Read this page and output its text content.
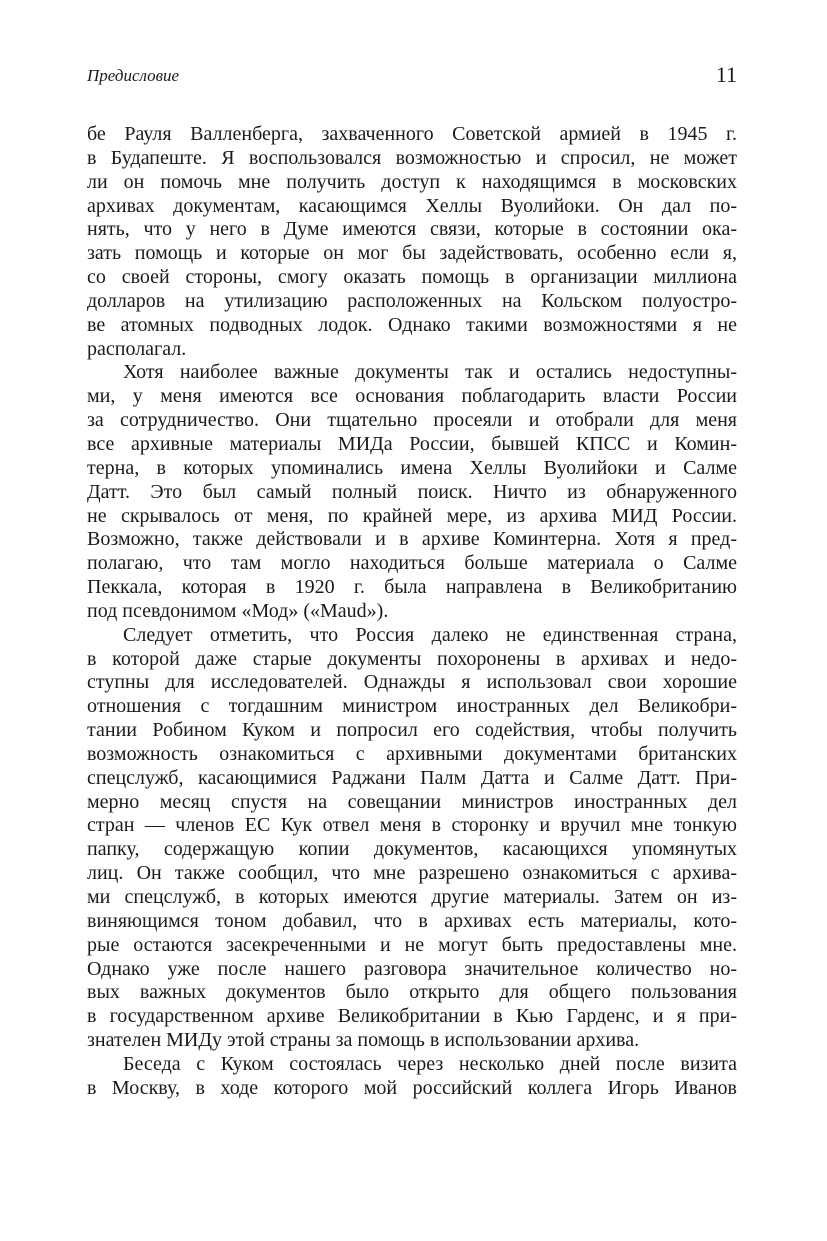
Предисловие	11
бе Рауля Валленберга, захваченного Советской армией в 1945 г.
в Будапеште. Я воспользовался возможностью и спросил, не может
ли он помочь мне получить доступ к находящимся в московских
архивах документам, касающимся Хеллы Вуолийоки. Он дал по-
нять, что у него в Думе имеются связи, которые в состоянии ока-
зать помощь и которые он мог бы задействовать, особенно если я,
со своей стороны, смогу оказать помощь в организации миллиона
долларов на утилизацию расположенных на Кольском полуостро-
ве атомных подводных лодок. Однако такими возможностями я не
располагал.
Хотя наиболее важные документы так и остались недоступны-
ми, у меня имеются все основания поблагодарить власти России
за сотрудничество. Они тщательно просеяли и отобрали для меня
все архивные материалы МИДа России, бывшей КПСС и Комин-
терна, в которых упоминались имена Хеллы Вуолийоки и Салме
Датт. Это был самый полный поиск. Ничто из обнаруженного
не скрывалось от меня, по крайней мере, из архива МИД России.
Возможно, также действовали и в архиве Коминтерна. Хотя я пред-
полагаю, что там могло находиться больше материала о Салме
Пеккала, которая в 1920 г. была направлена в Великобританию
под псевдонимом «Мод» («Maud»).
Следует отметить, что Россия далеко не единственная страна,
в которой даже старые документы похоронены в архивах и недо-
ступны для исследователей. Однажды я использовал свои хорошие
отношения с тогдашним министром иностранных дел Великобри-
тании Робином Куком и попросил его содействия, чтобы получить
возможность ознакомиться с архивными документами британских
спецслужб, касающимися Раджани Палм Датта и Салме Датт. При-
мерно месяц спустя на совещании министров иностранных дел
стран — членов ЕС Кук отвел меня в сторонку и вручил мне тонкую
папку, содержащую копии документов, касающихся упомянутых
лиц. Он также сообщил, что мне разрешено ознакомиться с архива-
ми спецслужб, в которых имеются другие материалы. Затем он из-
виняющимся тоном добавил, что в архивах есть материалы, кото-
рые остаются засекреченными и не могут быть предоставлены мне.
Однако уже после нашего разговора значительное количество но-
вых важных документов было открыто для общего пользования
в государственном архиве Великобритании в Кью Гарденс, и я при-
знателен МИДу этой страны за помощь в использовании архива.
Беседа с Куком состоялась через несколько дней после визита
в Москву, в ходе которого мой российский коллега Игорь Иванов
